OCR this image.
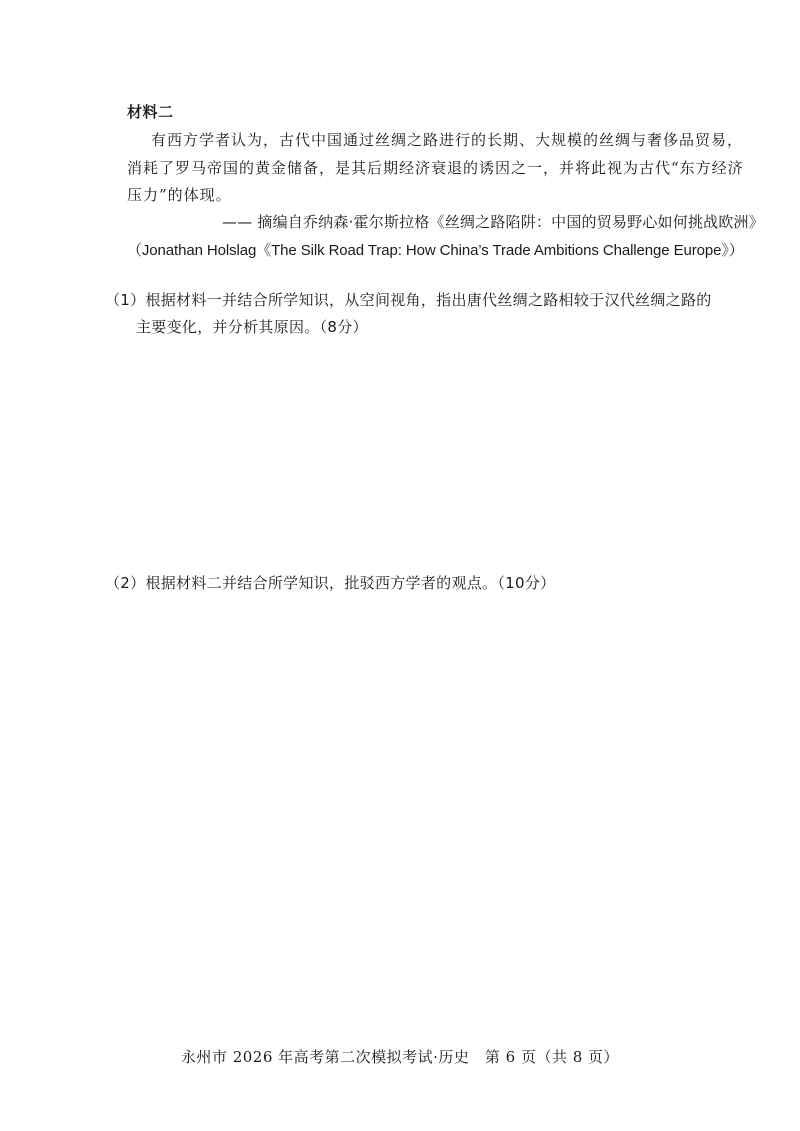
材料二
有西方学者认为，古代中国通过丝绸之路进行的长期、大规模的丝绸与奢侈品贸易，
消耗了罗马帝国的黄金储备，是其后期经济衰退的诱因之一，并将此视为古代“东方经济
压力”的体现。
—— 摘编自乔纳森·霍尔斯拉格《丝绸之路陷阱：中国的贸易野心如何挑战欧洲》
（Jonathan Holslag《The Silk Road Trap: How China’s Trade Ambitions Challenge Europe》）
（1）根据材料一并结合所学知识，从空间视角，指出唐代丝绸之路相较于汉代丝绸之路的
主要变化，并分析其原因。（8分）
（2）根据材料二并结合所学知识，批驳西方学者的观点。（10分）
永州市 2026 年高考第二次模拟考试·历史　第 6 页（共 8 页）
